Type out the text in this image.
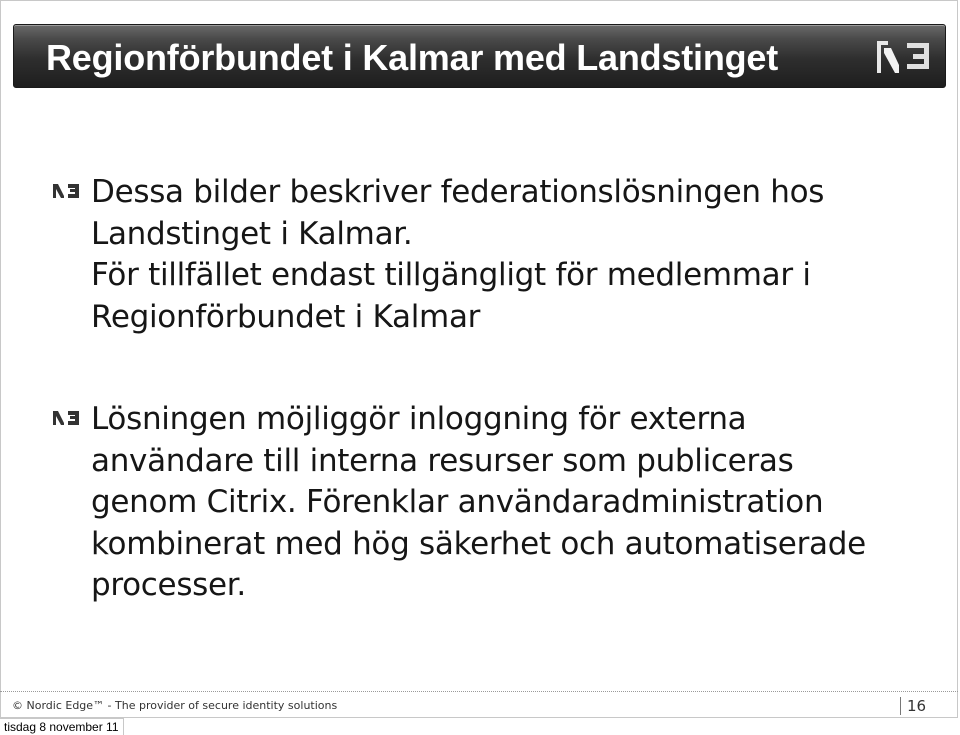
Regionförbundet i Kalmar med Landstinget
Dessa bilder beskriver federationslösningen hos
Landstinget i Kalmar.
För tillfället endast tillgängligt för medlemmar i
Regionförbundet i Kalmar
Lösningen möjliggör inloggning för externa
användare till interna resurser som publiceras
genom Citrix. Förenklar användaradministration
kombinerat med hög säkerhet och automatiserade
processer.
© Nordic Edge™ - The provider of secure identity solutions	16
tisdag 8 november 11
